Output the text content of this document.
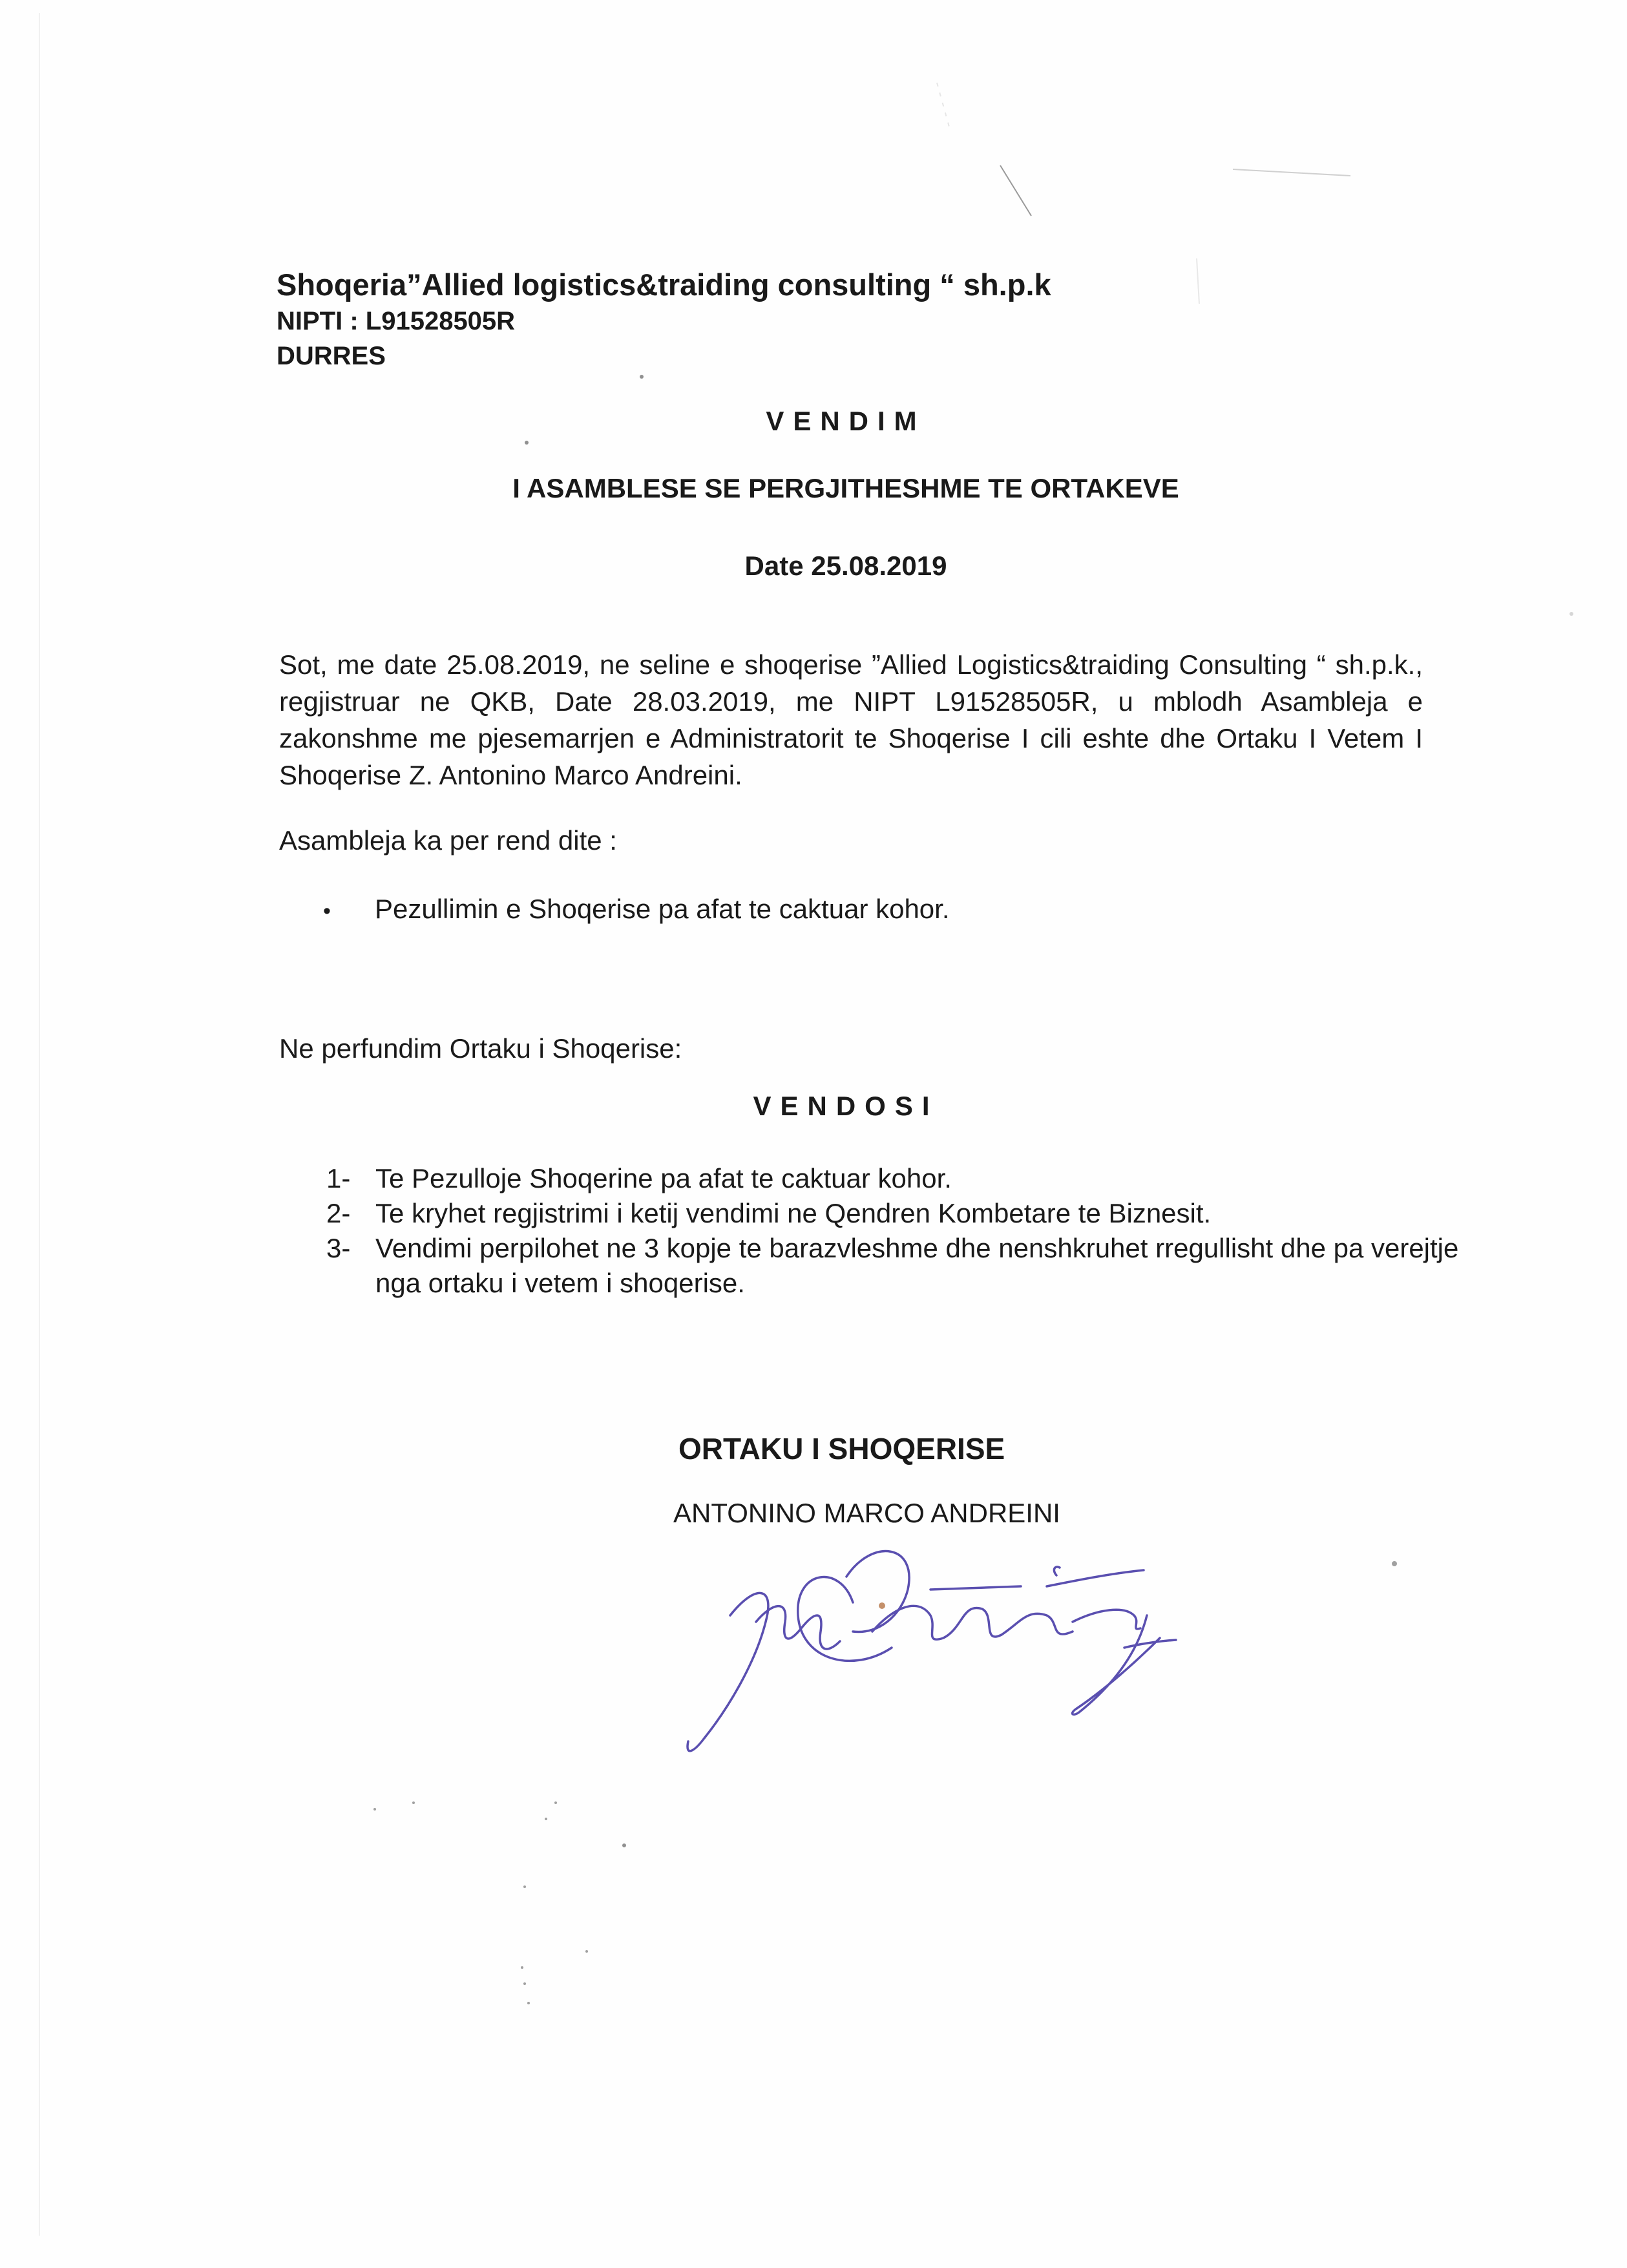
Shoqeria”Allied logistics&traiding consulting “ sh.p.k
NIPTI : L91528505R
DURRES
VENDIM
I ASAMBLESE SE PERGJITHESHME TE ORTAKEVE
Date 25.08.2019
Sot, me date 25.08.2019, ne seline e shoqerise ”Allied Logistics&traiding Consulting “ sh.p.k., regjistruar ne QKB, Date 28.03.2019, me NIPT L91528505R, u mblodh Asambleja e zakonshme me pjesemarrjen e Administratorit te Shoqerise I cili eshte dhe Ortaku I Vetem I Shoqerise Z. Antonino Marco Andreini.
Asambleja ka per rend dite :
• Pezullimin e Shoqerise pa afat te caktuar kohor.
Ne perfundim Ortaku i Shoqerise:
VENDOSI
1- Te Pezulloje Shoqerine pa afat te caktuar kohor.
2- Te kryhet regjistrimi i ketij vendimi ne Qendren Kombetare te Biznesit.
3- Vendimi perpilohet ne 3 kopje te barazvleshme dhe nenshkruhet rregullisht dhe pa verejtje nga ortaku i vetem i shoqerise.
ORTAKU I SHOQERISE
ANTONINO MARCO ANDREINI
